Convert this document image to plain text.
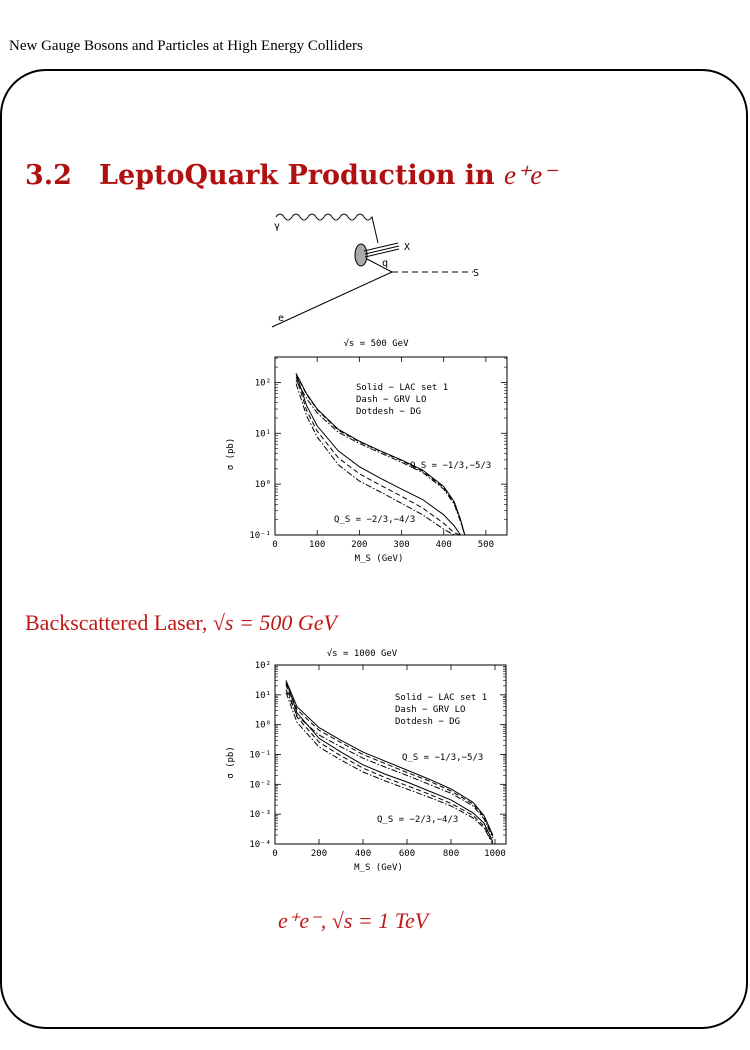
New Gauge Bosons and Particles at High Energy Colliders
3.2 LeptoQuark Production in e⁺e⁻
γ
X
q
S
e
√s = 500 GeV
0	100	200	300	400	500
10⁻¹
10⁰
10¹
10²
M_S (GeV)
σ (pb)
Solid − LAC set 1
Dash − GRV LO
Dotdesh − DG
Q_S = −1/3,−5/3
Q_S = −2/3,−4/3
Backscattered Laser, √s = 500 GeV
√s = 1000 GeV
0	200	400	600	800	1000
10⁻⁴
10⁻³
10⁻²
10⁻¹
10⁰
10¹
10²
M_S (GeV)
σ (pb)
Solid − LAC set 1
Dash − GRV LO
Dotdesh − DG
Q_S = −1/3,−5/3
Q_S = −2/3,−4/3
e⁺e⁻, √s = 1 TeV
